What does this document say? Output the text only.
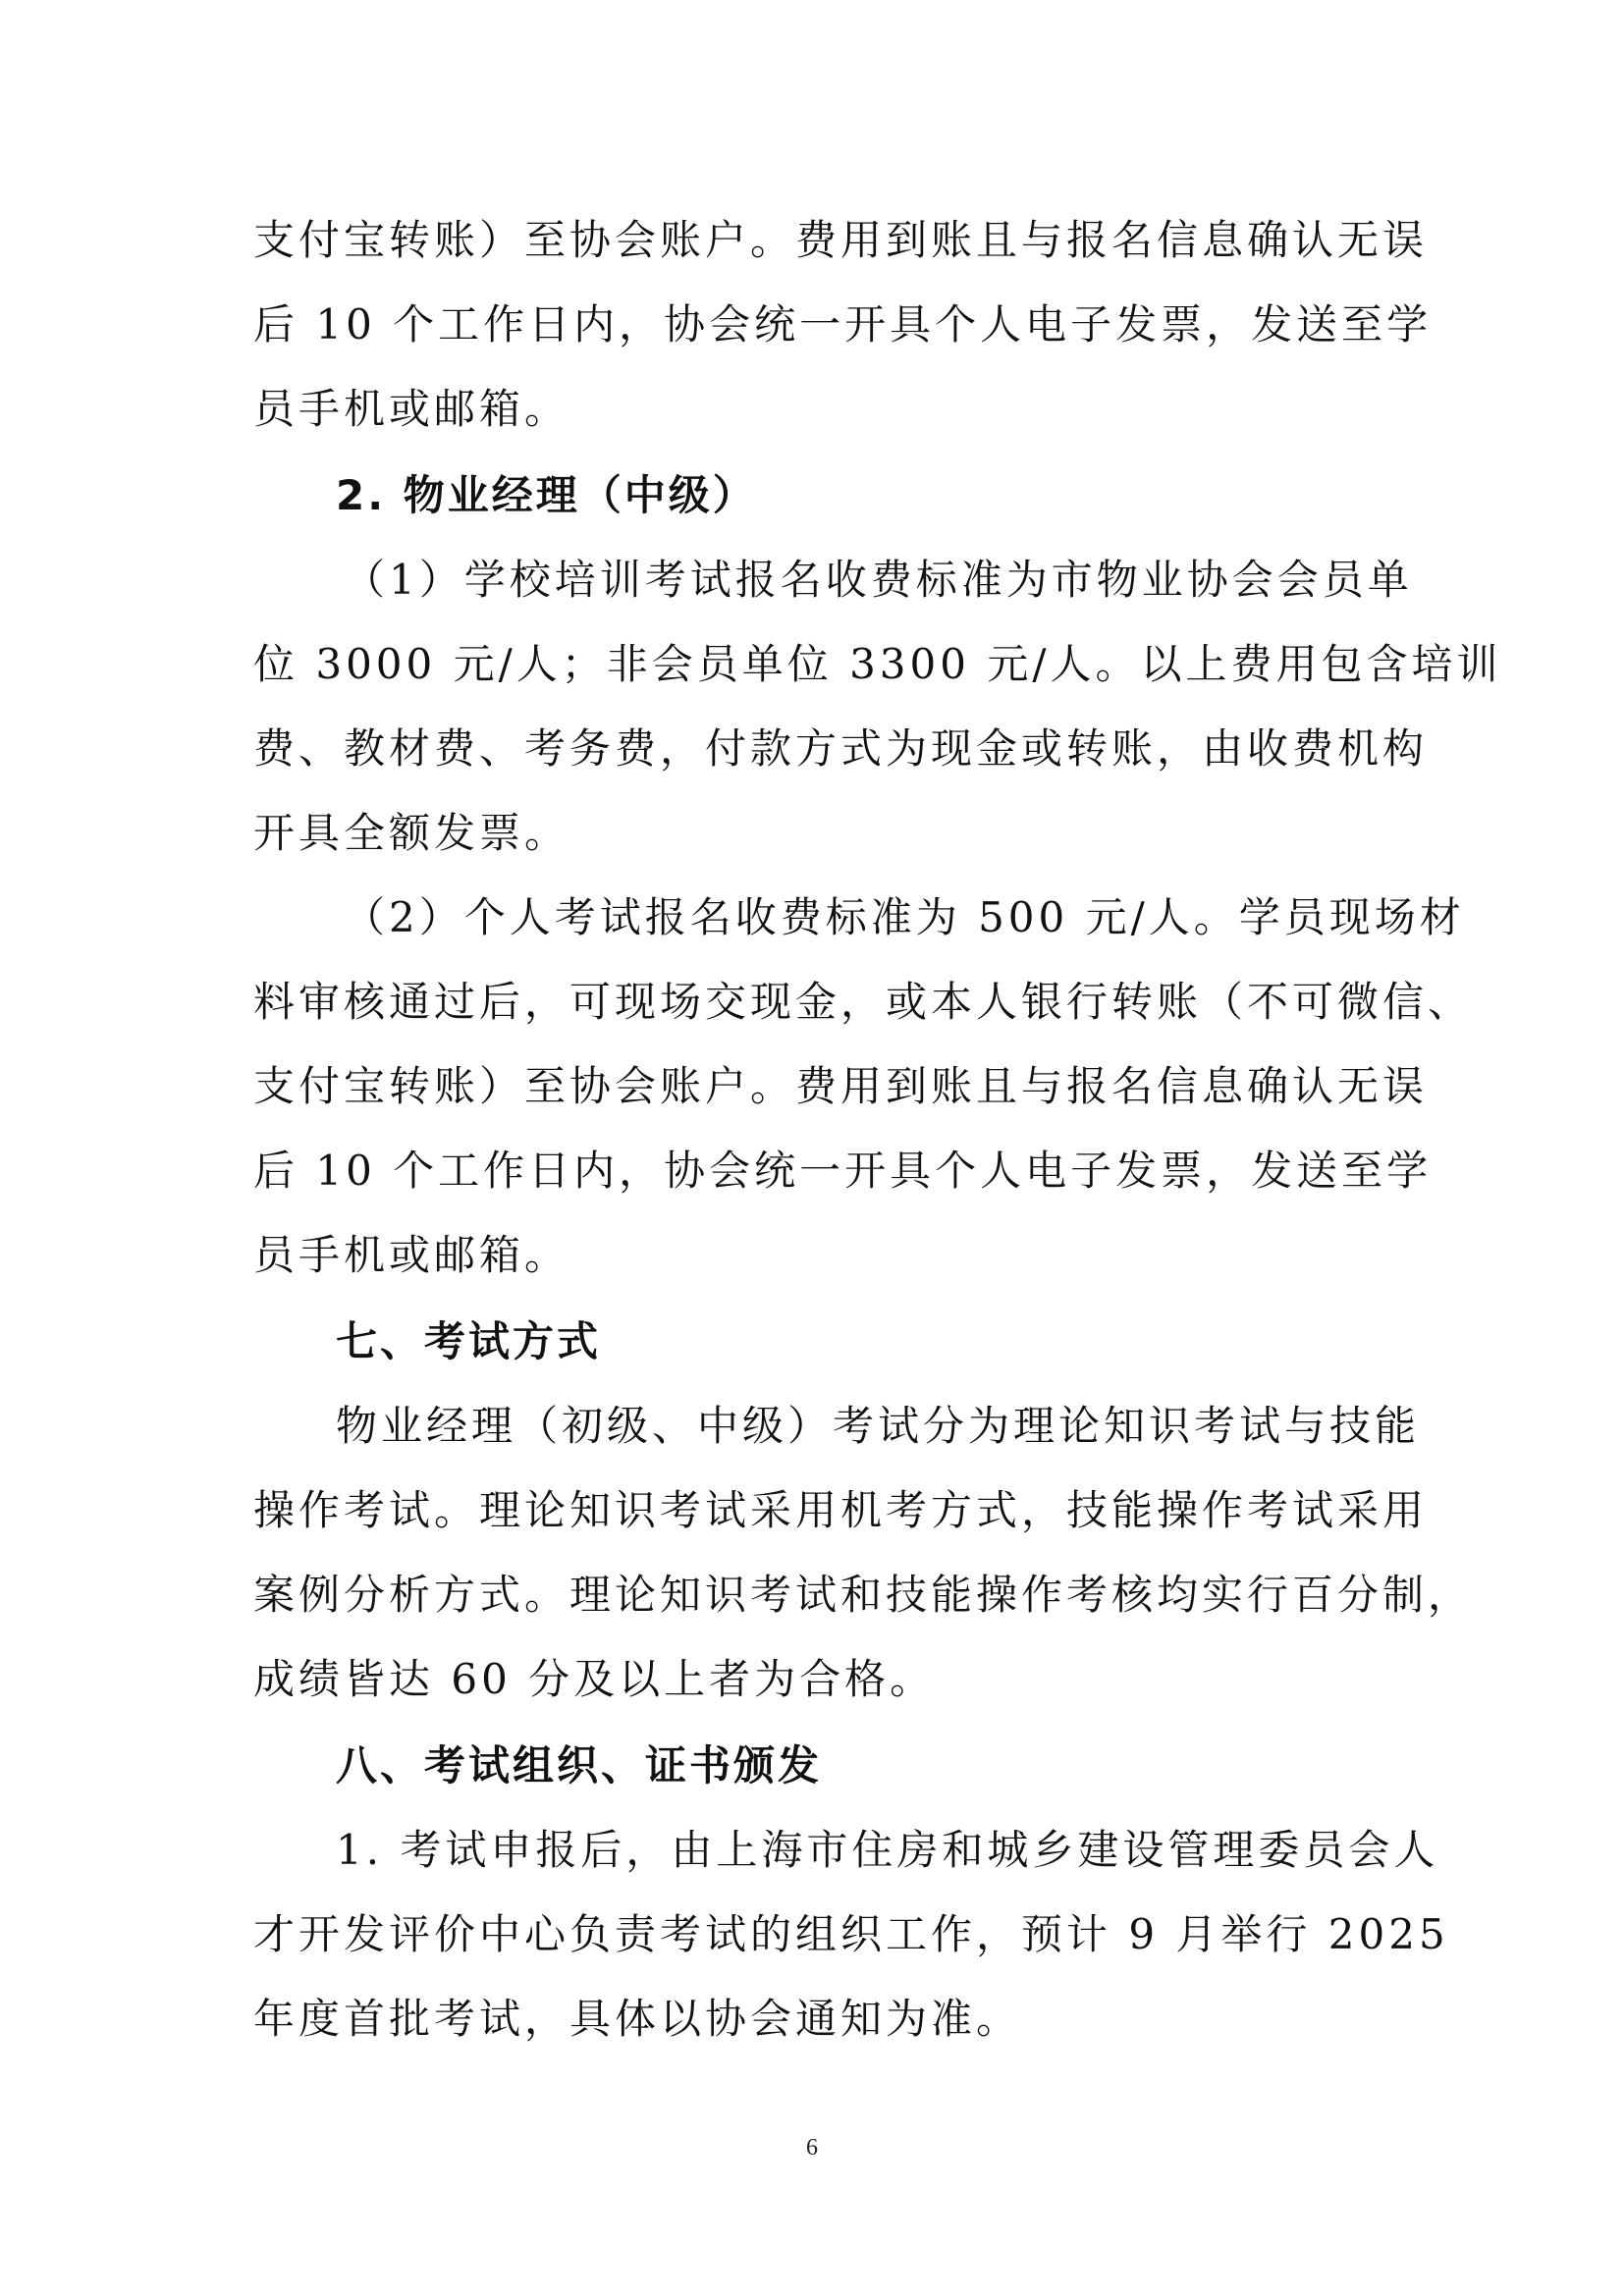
支付宝转账）至协会账户。费用到账且与报名信息确认无误
后 10 个工作日内，协会统一开具个人电子发票，发送至学
员手机或邮箱。
2. 物业经理（中级）
（1）学校培训考试报名收费标准为市物业协会会员单
位 3000 元/人；非会员单位 3300 元/人。以上费用包含培训
费、教材费、考务费，付款方式为现金或转账，由收费机构
开具全额发票。
（2）个人考试报名收费标准为 500 元/人。学员现场材
料审核通过后，可现场交现金，或本人银行转账（不可微信、
支付宝转账）至协会账户。费用到账且与报名信息确认无误
后 10 个工作日内，协会统一开具个人电子发票，发送至学
员手机或邮箱。
七、考试方式
物业经理（初级、中级）考试分为理论知识考试与技能
操作考试。理论知识考试采用机考方式，技能操作考试采用
案例分析方式。理论知识考试和技能操作考核均实行百分制，
成绩皆达 60 分及以上者为合格。
八、考试组织、证书颁发
1. 考试申报后，由上海市住房和城乡建设管理委员会人
才开发评价中心负责考试的组织工作，预计 9 月举行 2025
年度首批考试，具体以协会通知为准。
6
